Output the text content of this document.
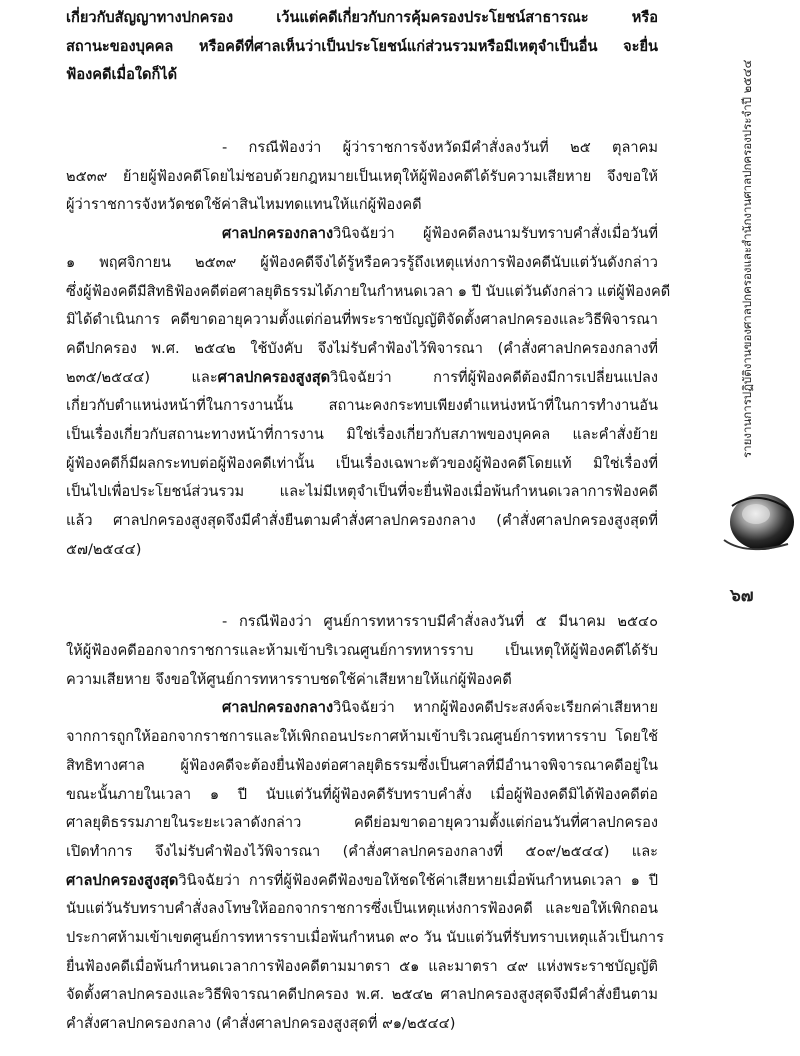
เกี่ยวกับสัญญาทางปกครอง เว้นแต่คดีเกี่ยวกับการคุ้มครองประโยชน์สาธารณะ หรือ
สถานะของบุคคล หรือคดีที่ศาลเห็นว่าเป็นประโยชน์แก่ส่วนรวมหรือมีเหตุจำเป็นอื่น จะยื่น
ฟ้องคดีเมื่อใดก็ได้
- กรณีฟ้องว่า ผู้ว่าราชการจังหวัดมีคำสั่งลงวันที่ ๒๕ ตุลาคม
๒๕๓๙ ย้ายผู้ฟ้องคดีโดยไม่ชอบด้วยกฎหมายเป็นเหตุให้ผู้ฟ้องคดีได้รับความเสียหาย จึงขอให้
ผู้ว่าราชการจังหวัดชดใช้ค่าสินไหมทดแทนให้แก่ผู้ฟ้องคดี
ศาลปกครองกลางวินิจฉัยว่า ผู้ฟ้องคดีลงนามรับทราบคำสั่งเมื่อวันที่
๑ พฤศจิกายน ๒๕๓๙ ผู้ฟ้องคดีจึงได้รู้หรือควรรู้ถึงเหตุแห่งการฟ้องคดีนับแต่วันดังกล่าว
ซึ่งผู้ฟ้องคดีมีสิทธิฟ้องคดีต่อศาลยุติธรรมได้ภายในกำหนดเวลา ๑ ปี นับแต่วันดังกล่าว แต่ผู้ฟ้องคดี
มิได้ดำเนินการ คดีขาดอายุความตั้งแต่ก่อนที่พระราชบัญญัติจัดตั้งศาลปกครองและวิธีพิจารณา
คดีปกครอง พ.ศ. ๒๕๔๒ ใช้บังคับ จึงไม่รับคำฟ้องไว้พิจารณา (คำสั่งศาลปกครองกลางที่
๒๓๕/๒๕๔๔) และศาลปกครองสูงสุดวินิจฉัยว่า การที่ผู้ฟ้องคดีต้องมีการเปลี่ยนแปลง
เกี่ยวกับตำแหน่งหน้าที่ในการงานนั้น สถานะคงกระทบเพียงตำแหน่งหน้าที่ในการทำงานอัน
เป็นเรื่องเกี่ยวกับสถานะทางหน้าที่การงาน มิใช่เรื่องเกี่ยวกับสภาพของบุคคล และคำสั่งย้าย
ผู้ฟ้องคดีก็มีผลกระทบต่อผู้ฟ้องคดีเท่านั้น เป็นเรื่องเฉพาะตัวของผู้ฟ้องคดีโดยแท้ มิใช่เรื่องที่
เป็นไปเพื่อประโยชน์ส่วนรวม และไม่มีเหตุจำเป็นที่จะยื่นฟ้องเมื่อพ้นกำหนดเวลาการฟ้องคดี
แล้ว ศาลปกครองสูงสุดจึงมีคำสั่งยืนตามคำสั่งศาลปกครองกลาง (คำสั่งศาลปกครองสูงสุดที่
๕๗/๒๕๔๔)
- กรณีฟ้องว่า ศูนย์การทหารราบมีคำสั่งลงวันที่ ๕ มีนาคม ๒๕๔๐
ให้ผู้ฟ้องคดีออกจากราชการและห้ามเข้าบริเวณศูนย์การทหารราบ เป็นเหตุให้ผู้ฟ้องคดีได้รับ
ความเสียหาย จึงขอให้ศูนย์การทหารราบชดใช้ค่าเสียหายให้แก่ผู้ฟ้องคดี
ศาลปกครองกลางวินิจฉัยว่า หากผู้ฟ้องคดีประสงค์จะเรียกค่าเสียหาย
จากการถูกให้ออกจากราชการและให้เพิกถอนประกาศห้ามเข้าบริเวณศูนย์การทหารราบ โดยใช้
สิทธิทางศาล ผู้ฟ้องคดีจะต้องยื่นฟ้องต่อศาลยุติธรรมซึ่งเป็นศาลที่มีอำนาจพิจารณาคดีอยู่ใน
ขณะนั้นภายในเวลา ๑ ปี นับแต่วันที่ผู้ฟ้องคดีรับทราบคำสั่ง เมื่อผู้ฟ้องคดีมิได้ฟ้องคดีต่อ
ศาลยุติธรรมภายในระยะเวลาดังกล่าว คดีย่อมขาดอายุความตั้งแต่ก่อนวันที่ศาลปกครอง
เปิดทำการ จึงไม่รับคำฟ้องไว้พิจารณา (คำสั่งศาลปกครองกลางที่ ๕๐๙/๒๕๔๔) และ
ศาลปกครองสูงสุดวินิจฉัยว่า การที่ผู้ฟ้องคดีฟ้องขอให้ชดใช้ค่าเสียหายเมื่อพ้นกำหนดเวลา ๑ ปี
นับแต่วันรับทราบคำสั่งลงโทษให้ออกจากราชการซึ่งเป็นเหตุแห่งการฟ้องคดี และขอให้เพิกถอน
ประกาศห้ามเข้าเขตศูนย์การทหารราบเมื่อพ้นกำหนด ๙๐ วัน นับแต่วันที่รับทราบเหตุแล้วเป็นการ
ยื่นฟ้องคดีเมื่อพ้นกำหนดเวลาการฟ้องคดีตามมาตรา ๕๑ และมาตรา ๔๙ แห่งพระราชบัญญัติ
จัดตั้งศาลปกครองและวิธีพิจารณาคดีปกครอง พ.ศ. ๒๕๔๒ ศาลปกครองสูงสุดจึงมีคำสั่งยืนตาม
คำสั่งศาลปกครองกลาง (คำสั่งศาลปกครองสูงสุดที่ ๙๑/๒๕๔๔)
รายงานการปฏิบัติงานของศาลปกครองและสำนักงานศาลปกครองประจำปี ๒๕๔๔
๖๗
